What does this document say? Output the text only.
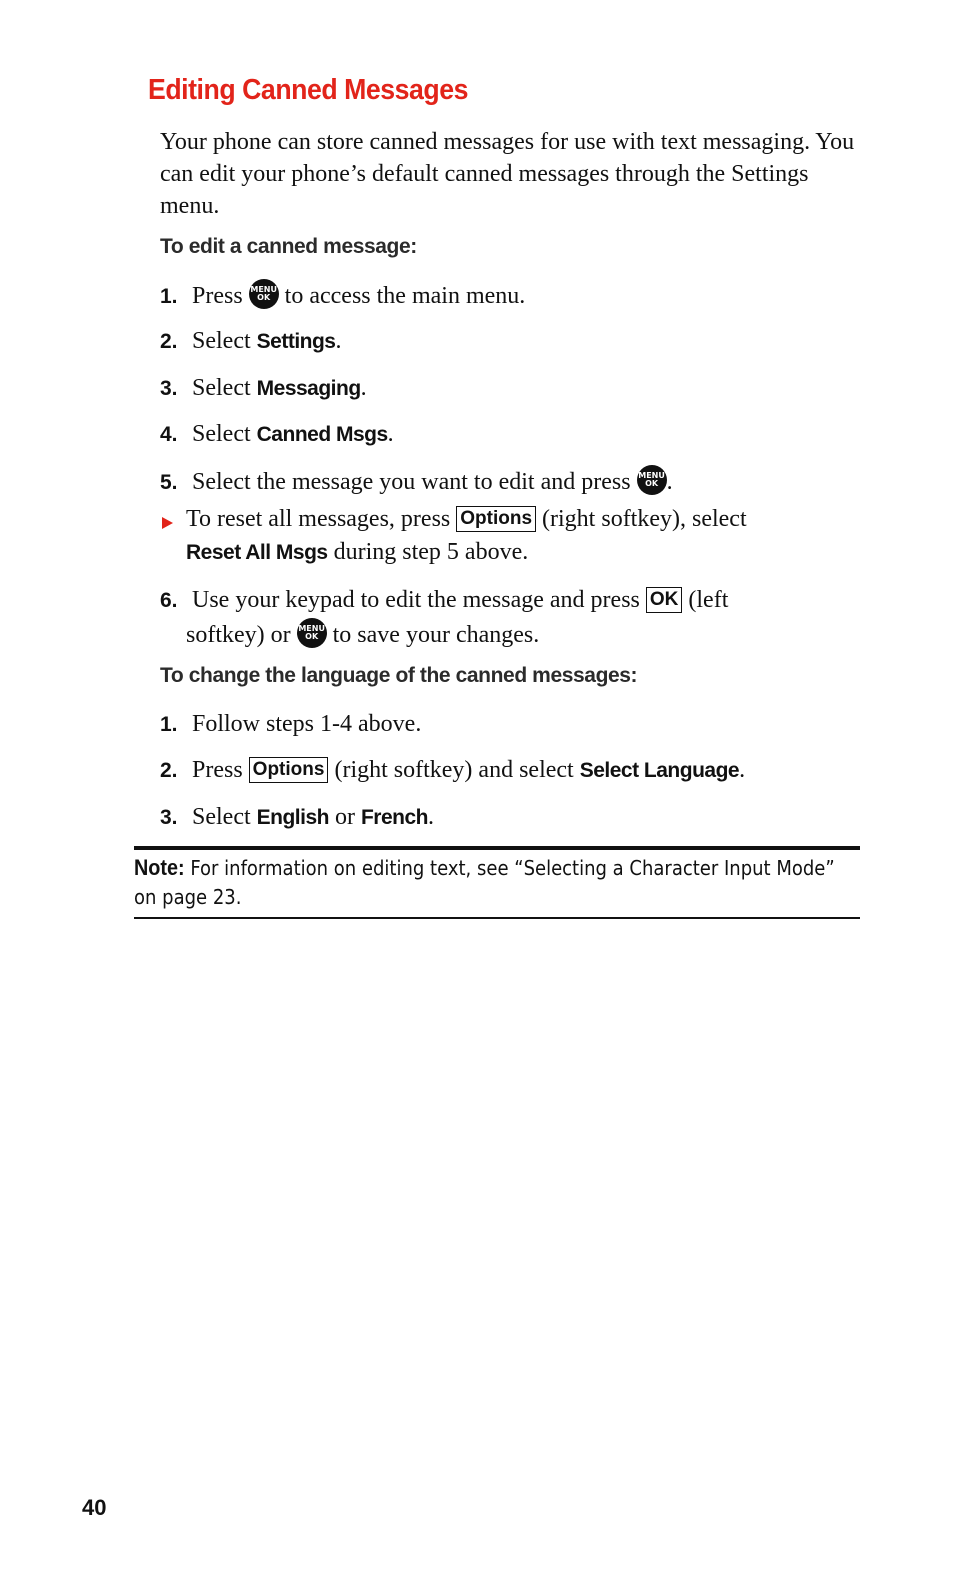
Editing Canned Messages

Your phone can store canned messages for use with text messaging. You can edit your phone’s default canned messages through the Settings menu.

To edit a canned message:
1. Press MENU
OK to access the main menu.
2. Select Settings.
3. Select Messaging.
4. Select Canned Msgs.
5. Select the message you want to edit and press MENU
OK .
To reset all messages, press Options (right softkey), select
Reset All Msgs during step 5 above.
6. Use your keypad to edit the message and press OK (left
softkey) or MENU
OK to save your changes.
To change the language of the canned messages:
1. Follow steps 1-4 above.
2. Press Options (right softkey) and select Select Language.
3. Select English or French.

Note: For information on editing text, see “Selecting a Character Input Mode” on page 23.

40
